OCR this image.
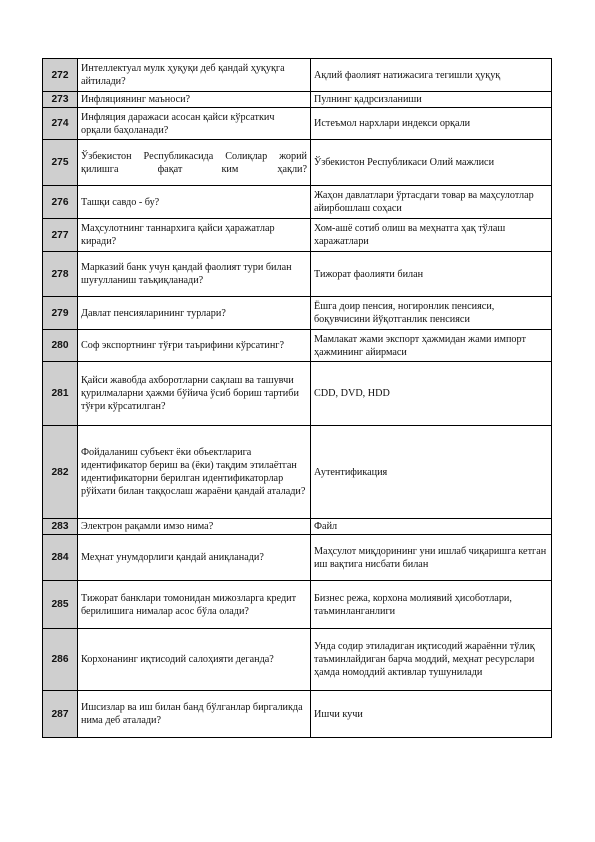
272	Интеллектуал мулк ҳуқуқи деб қандай ҳуқуқга айтилади?	Ақлий фаолият натижасига тегишли ҳуқуқ
273	Инфляциянинг маъноси?	Пулнинг қадрсизланиши
274	Инфляция даражаси асосан қайси кўрсаткич орқали баҳоланади?	Истеъмол нархлари индекси орқали
275	Ўзбекистон Республикасида Солиқлар жорий қилишга фақат ким ҳақли?	Ўзбекистон Республикаси Олий мажлиси
276	Ташқи савдо - бу?	Жаҳон давлатлари ўртасдаги товар ва маҳсулотлар айирбошлаш соҳаси
277	Маҳсулотнинг таннархига қайси ҳаражатлар киради?	Хом-ашё сотиб олиш ва меҳнатга ҳақ тўлаш харажатлари
278	Марказий банк учун қандай фаолият тури билан шуғулланиш таъқиқланади?	Тижорат фаолияти билан
279	Давлат пенсияларининг турлари?	Ёшга доир пенсия, ногиронлик пенсияси, боқувчисини йўқотганлик пенсияси
280	Соф экспортнинг тўғри таърифини кўрсатинг?	Мамлакат жами экспорт ҳажмидан жами импорт ҳажмининг айирмаси
281	Қайси жавобда ахборотларни сақлаш ва ташувчи қурилмаларни ҳажми бўйича ўсиб бориш тартиби тўғри кўрсатилган?	CDD, DVD, HDD
282	Фойдаланиш субъект ёки объектларига идентификатор бериш ва (ёки) тақдим этилаётган идентификаторни берилган идентификаторлар рўйхати билан таққослаш жараёни қандай аталади?	Аутентификация
283	Электрон рақамли имзо нима?	Файл
284	Меҳнат унумдорлиги қандай аниқланади?	Маҳсулот миқдорининг уни ишлаб чиқаришга кетган иш вақтига нисбати билан
285	Тижорат банклари томонидан мижозларга кредит берилишига нималар асос бўла олади?	Бизнес режа, корхона молиявий ҳисоботлари, таъминланганлиги
286	Корхонанинг иқтисодий салоҳияти деганда?	Унда содир этиладиган иқтисодий жараённи тўлиқ таъминлайдиган барча моддий, меҳнат ресурслари ҳамда номоддий активлар тушунилади
287	Ишсизлар ва иш билан банд бўлганлар биргаликда нима деб аталади?	Ишчи кучи
